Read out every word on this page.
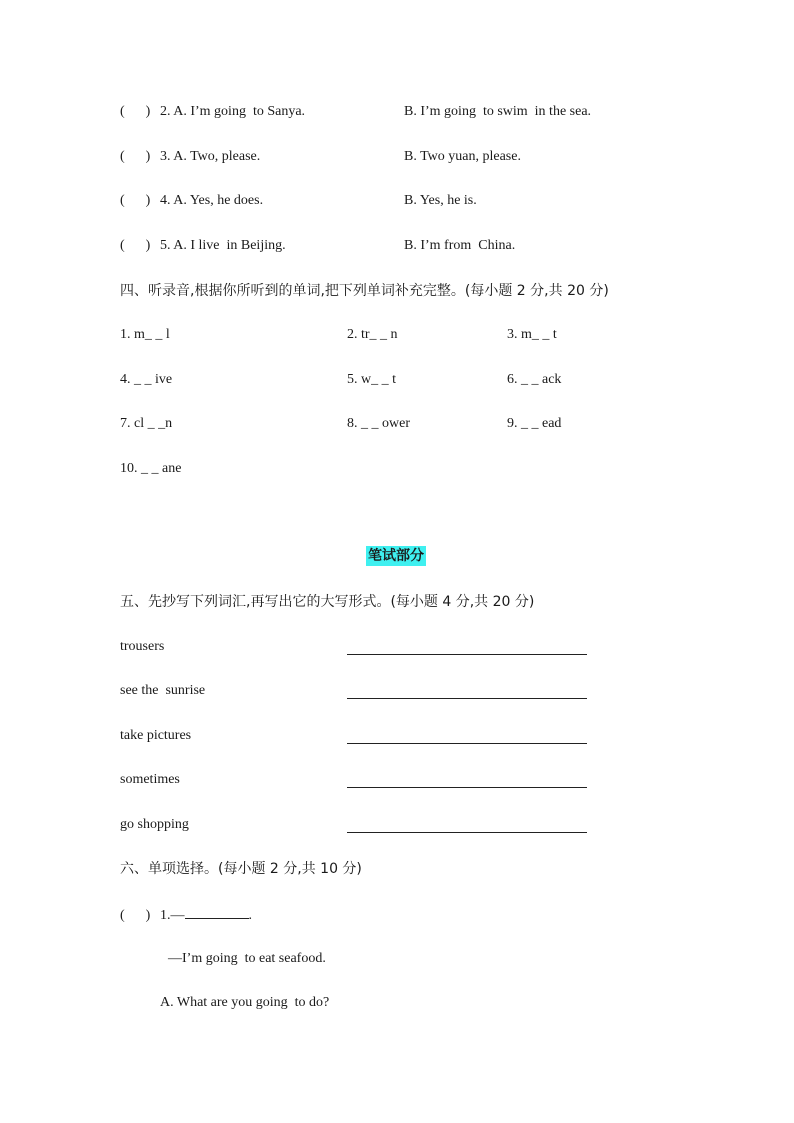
(      ) 2. A. I’m going  to Sanya.	B. I’m going  to swim  in the sea.
(      ) 3. A. Two, please.	B. Two yuan, please.
(      ) 4. A. Yes, he does.	B. Yes, he is.
(      ) 5. A. I live  in Beijing.	B. I’m from  China.
四、听录音,根据你所听到的单词,把下列单词补充完整。(每小题 2 分,共 20 分)
1. m_ _ l	2. tr_ _ n	3. m_ _ t
4. _ _ ive	5. w_ _ t	6. _ _ ack
7. cl _ _n	8. _ _ ower	9. _ _ ead
10. _ _ ane
笔试部分
五、先抄写下列词汇,再写出它的大写形式。(每小题 4 分,共 20 分)
trousers
see the  sunrise
take pictures
sometimes
go shopping
六、单项选择。(每小题 2 分,共 10 分)
(      ) 1.—	.
—I’m going  to eat seafood.
A. What are you going  to do?
